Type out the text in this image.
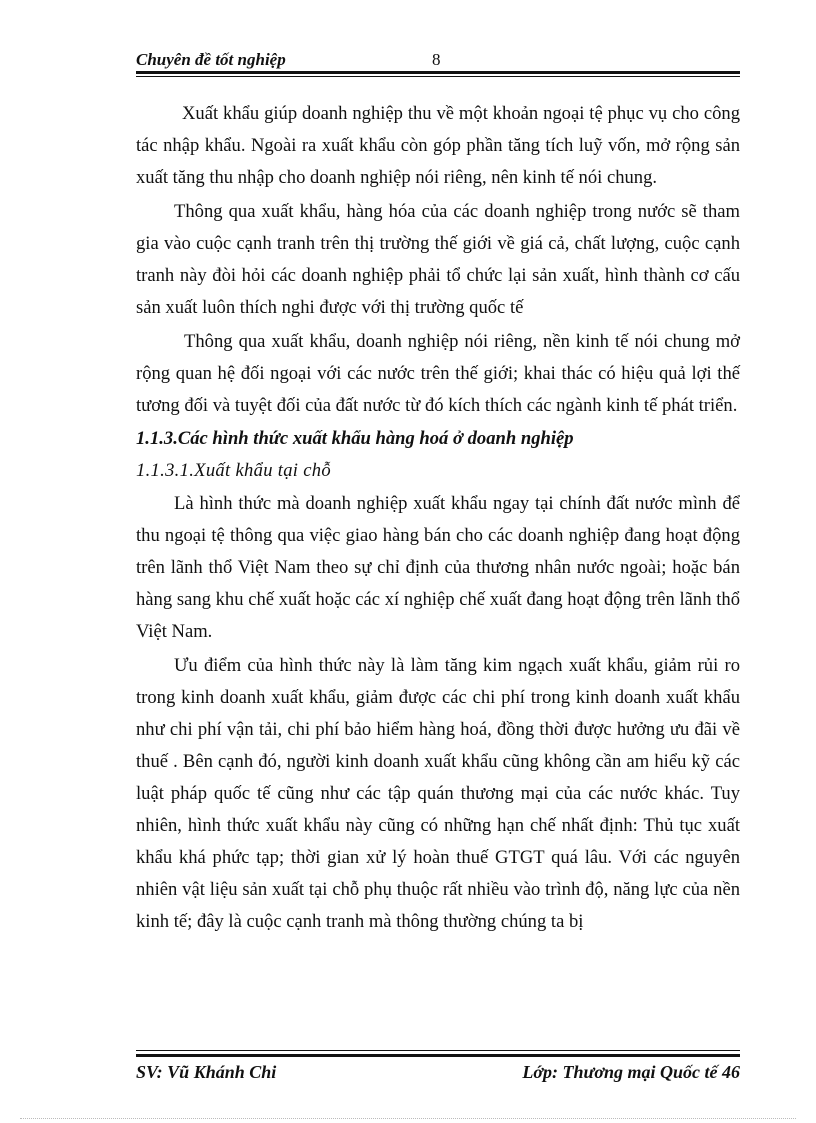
Chuyên đề tốt nghiệp	8

Xuất khẩu giúp doanh nghiệp thu về một khoản ngoại tệ phục vụ cho công tác nhập khẩu. Ngoài ra xuất khẩu còn góp phần tăng tích luỹ vốn, mở rộng sản xuất tăng thu nhập cho doanh nghiệp nói riêng, nên kinh tế nói chung.

Thông qua xuất khẩu, hàng hóa của các doanh nghiệp trong nước sẽ tham gia vào cuộc cạnh tranh trên thị trường thế giới về giá cả, chất lượng, cuộc cạnh tranh này đòi hỏi các doanh nghiệp phải tổ chức lại sản xuất, hình thành cơ cấu sản xuất luôn thích nghi được với thị trường quốc tế

Thông qua xuất khẩu, doanh nghiệp nói riêng, nền kinh tế nói chung mở rộng quan hệ đối ngoại với các nước trên thế giới; khai thác có hiệu quả lợi thế tương đối và tuyệt đối của đất nước từ đó kích thích các ngành kinh tế phát triển.

1.1.3.Các hình thức xuất khẩu hàng hoá ở doanh nghiệp

1.1.3.1.Xuất khẩu tại chỗ

Là hình thức mà doanh nghiệp xuất khẩu ngay tại chính đất nước mình để thu ngoại tệ thông qua việc giao hàng bán cho các doanh nghiệp đang hoạt động trên lãnh thổ Việt Nam theo sự chỉ định của thương nhân nước ngoài; hoặc bán hàng sang khu chế xuất hoặc các xí nghiệp chế xuất đang hoạt động trên lãnh thổ Việt Nam.

Ưu điểm của hình thức này là làm tăng kim ngạch xuất khẩu, giảm rủi ro trong kinh doanh xuất khẩu, giảm được các chi phí trong kinh doanh xuất khẩu như chi phí vận tải, chi phí bảo hiểm hàng hoá, đồng thời được hưởng ưu đãi về thuế . Bên cạnh đó, người kinh doanh xuất khẩu cũng không cần am hiểu kỹ các luật pháp quốc tế cũng như các tập quán thương mại của các nước khác. Tuy nhiên, hình thức xuất khẩu này cũng có những hạn chế nhất định: Thủ tục xuất khẩu khá phức tạp; thời gian xử lý hoàn thuế GTGT quá lâu. Với các nguyên nhiên vật liệu sản xuất tại chỗ phụ thuộc rất nhiều vào trình độ, năng lực của nền kinh tế; đây là cuộc cạnh tranh mà thông thường chúng ta bị

SV: Vũ Khánh Chi	Lớp: Thương mại Quốc tế 46
